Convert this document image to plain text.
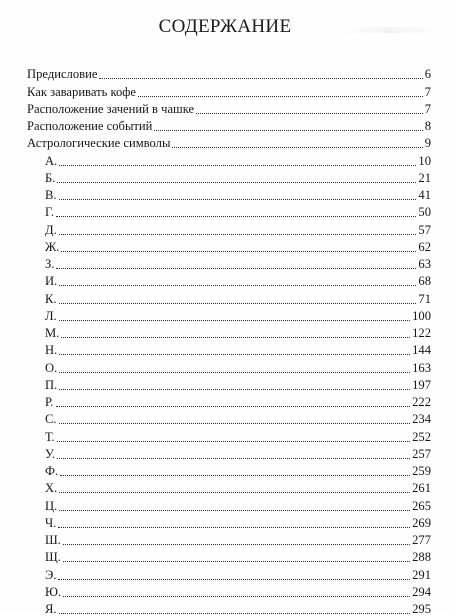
СОДЕРЖАНИЕ
Предисловие	6
Как заваривать кофе	7
Расположение зачений в чашке	7
Расположение событий	8
Астрологические символы	9
А.	10
Б.	21
В.	41
Г.	50
Д.	57
Ж.	62
З.	63
И.	68
К.	71
Л.	100
М.	122
Н.	144
О.	163
П.	197
Р.	222
С.	234
Т.	252
У.	257
Ф.	259
Х.	261
Ц.	265
Ч.	269
Ш.	277
Щ.	288
Э.	291
Ю.	294
Я.	295
